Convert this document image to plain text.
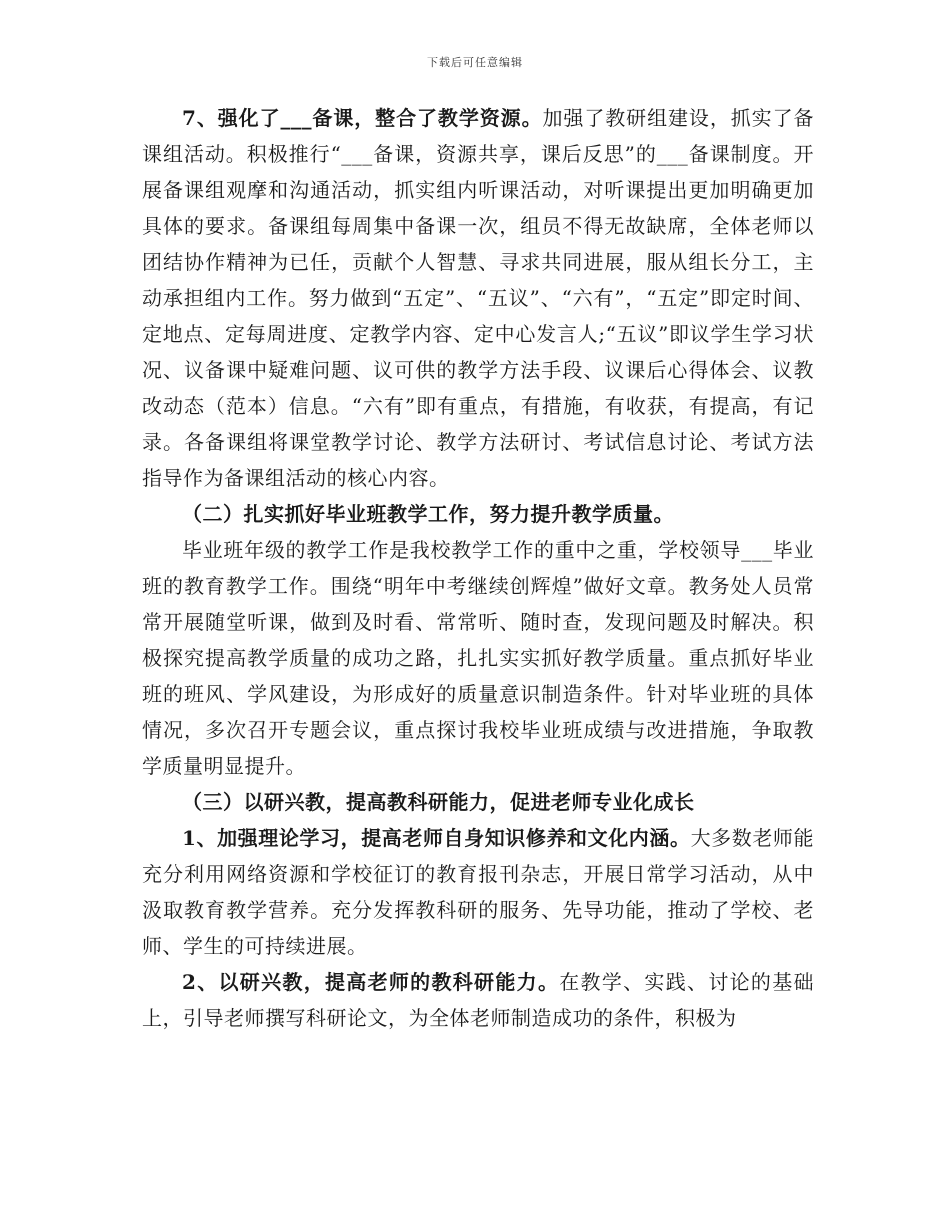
下载后可任意编辑

7、强化了___备课，整合了教学资源。加强了教研组建设，抓实了备课组活动。积极推行“___备课，资源共享，课后反思”的___备课制度。开展备课组观摩和沟通活动，抓实组内听课活动，对听课提出更加明确更加具体的要求。备课组每周集中备课一次，组员不得无故缺席，全体老师以团结协作精神为已任，贡献个人智慧、寻求共同进展，服从组长分工，主动承担组内工作。努力做到“五定”、“五议”、“六有”，“五定”即定时间、定地点、定每周进度、定教学内容、定中心发言人;“五议”即议学生学习状况、议备课中疑难问题、议可供的教学方法手段、议课后心得体会、议教改动态（范本）信息。“六有”即有重点，有措施，有收获，有提高，有记录。各备课组将课堂教学讨论、教学方法研讨、考试信息讨论、考试方法指导作为备课组活动的核心内容。

（二）扎实抓好毕业班教学工作，努力提升教学质量。

毕业班年级的教学工作是我校教学工作的重中之重，学校领导___毕业班的教育教学工作。围绕“明年中考继续创辉煌”做好文章。教务处人员常常开展随堂听课，做到及时看、常常听、随时查，发现问题及时解决。积极探究提高教学质量的成功之路，扎扎实实抓好教学质量。重点抓好毕业班的班风、学风建设，为形成好的质量意识制造条件。针对毕业班的具体情况，多次召开专题会议，重点探讨我校毕业班成绩与改进措施，争取教学质量明显提升。

（三）以研兴教，提高教科研能力，促进老师专业化成长

1、加强理论学习，提高老师自身知识修养和文化内涵。大多数老师能充分利用网络资源和学校征订的教育报刊杂志，开展日常学习活动，从中汲取教育教学营养。充分发挥教科研的服务、先导功能，推动了学校、老师、学生的可持续进展。

2、以研兴教，提高老师的教科研能力。在教学、实践、讨论的基础上，引导老师撰写科研论文，为全体老师制造成功的条件，积极为
